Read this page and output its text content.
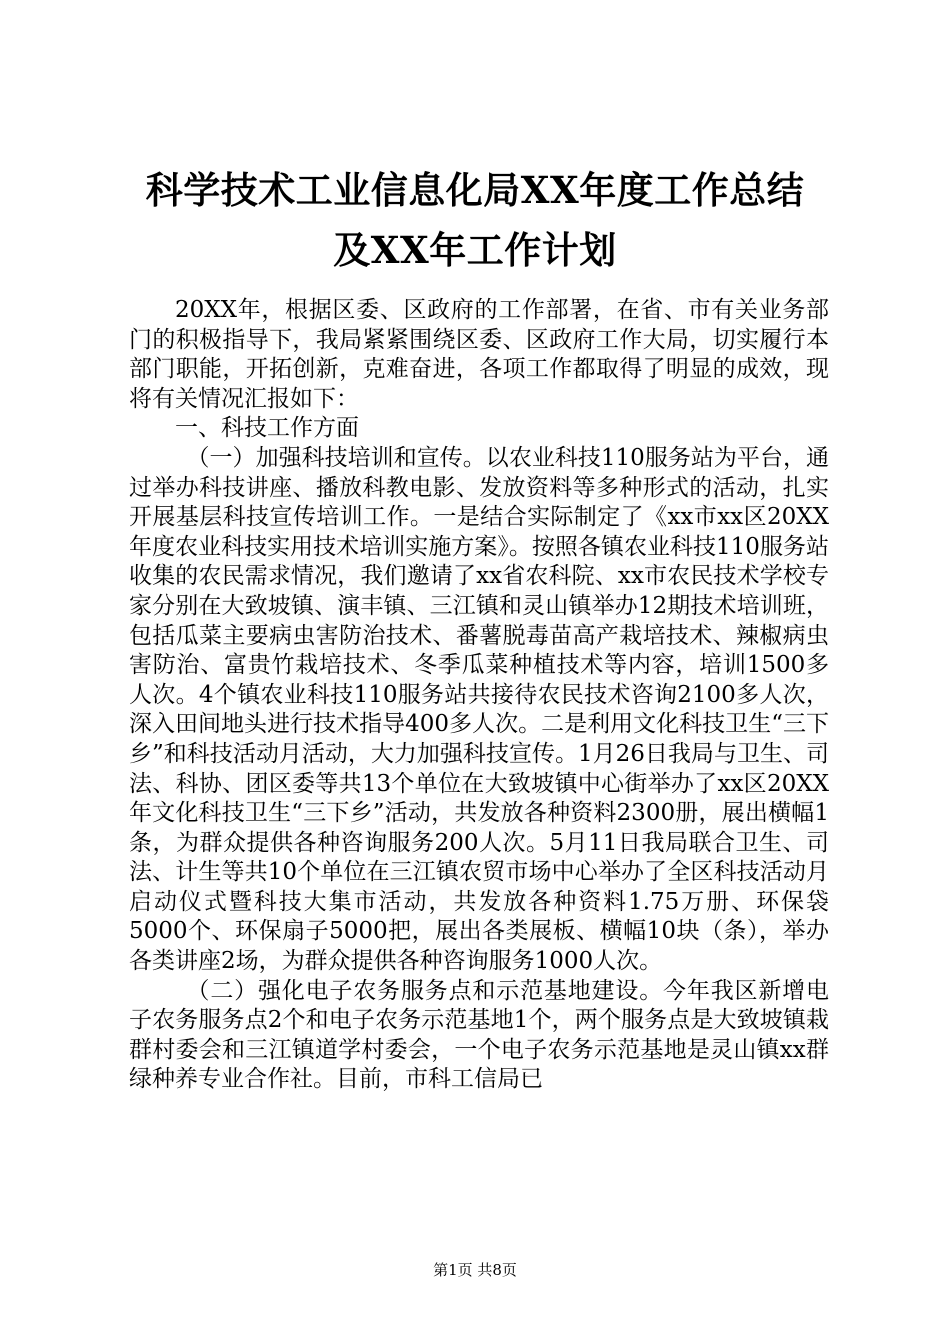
科学技术工业信息化局XX年度工作总结及XX年工作计划

20XX年，根据区委、区政府的工作部署，在省、市有关业务部门的积极指导下，我局紧紧围绕区委、区政府工作大局，切实履行本部门职能，开拓创新，克难奋进，各项工作都取得了明显的成效，现将有关情况汇报如下：

一、科技工作方面

（一）加强科技培训和宣传。以农业科技110服务站为平台，通过举办科技讲座、播放科教电影、发放资料等多种形式的活动，扎实开展基层科技宣传培训工作。一是结合实际制定了《xx市xx区20XX年度农业科技实用技术培训实施方案》。按照各镇农业科技110服务站收集的农民需求情况，我们邀请了xx省农科院、xx市农民技术学校专家分别在大致坡镇、演丰镇、三江镇和灵山镇举办12期技术培训班，包括瓜菜主要病虫害防治技术、番薯脱毒苗高产栽培技术、辣椒病虫害防治、富贵竹栽培技术、冬季瓜菜种植技术等内容，培训1500多人次。4个镇农业科技110服务站共接待农民技术咨询2100多人次，深入田间地头进行技术指导400多人次。二是利用文化科技卫生“三下乡”和科技活动月活动，大力加强科技宣传。1月26日我局与卫生、司法、科协、团区委等共13个单位在大致坡镇中心街举办了xx区20XX年文化科技卫生“三下乡”活动，共发放各种资料2300册，展出横幅1条，为群众提供各种咨询服务200人次。5月11日我局联合卫生、司法、计生等共10个单位在三江镇农贸市场中心举办了全区科技活动月启动仪式暨科技大集市活动，共发放各种资料1.75万册、环保袋5000个、环保扇子5000把，展出各类展板、横幅10块（条），举办各类讲座2场，为群众提供各种咨询服务1000人次。

（二）强化电子农务服务点和示范基地建设。今年我区新增电子农务服务点2个和电子农务示范基地1个，两个服务点是大致坡镇栽群村委会和三江镇道学村委会，一个电子农务示范基地是灵山镇xx群绿种养专业合作社。目前，市科工信局已

第1页 共8页
